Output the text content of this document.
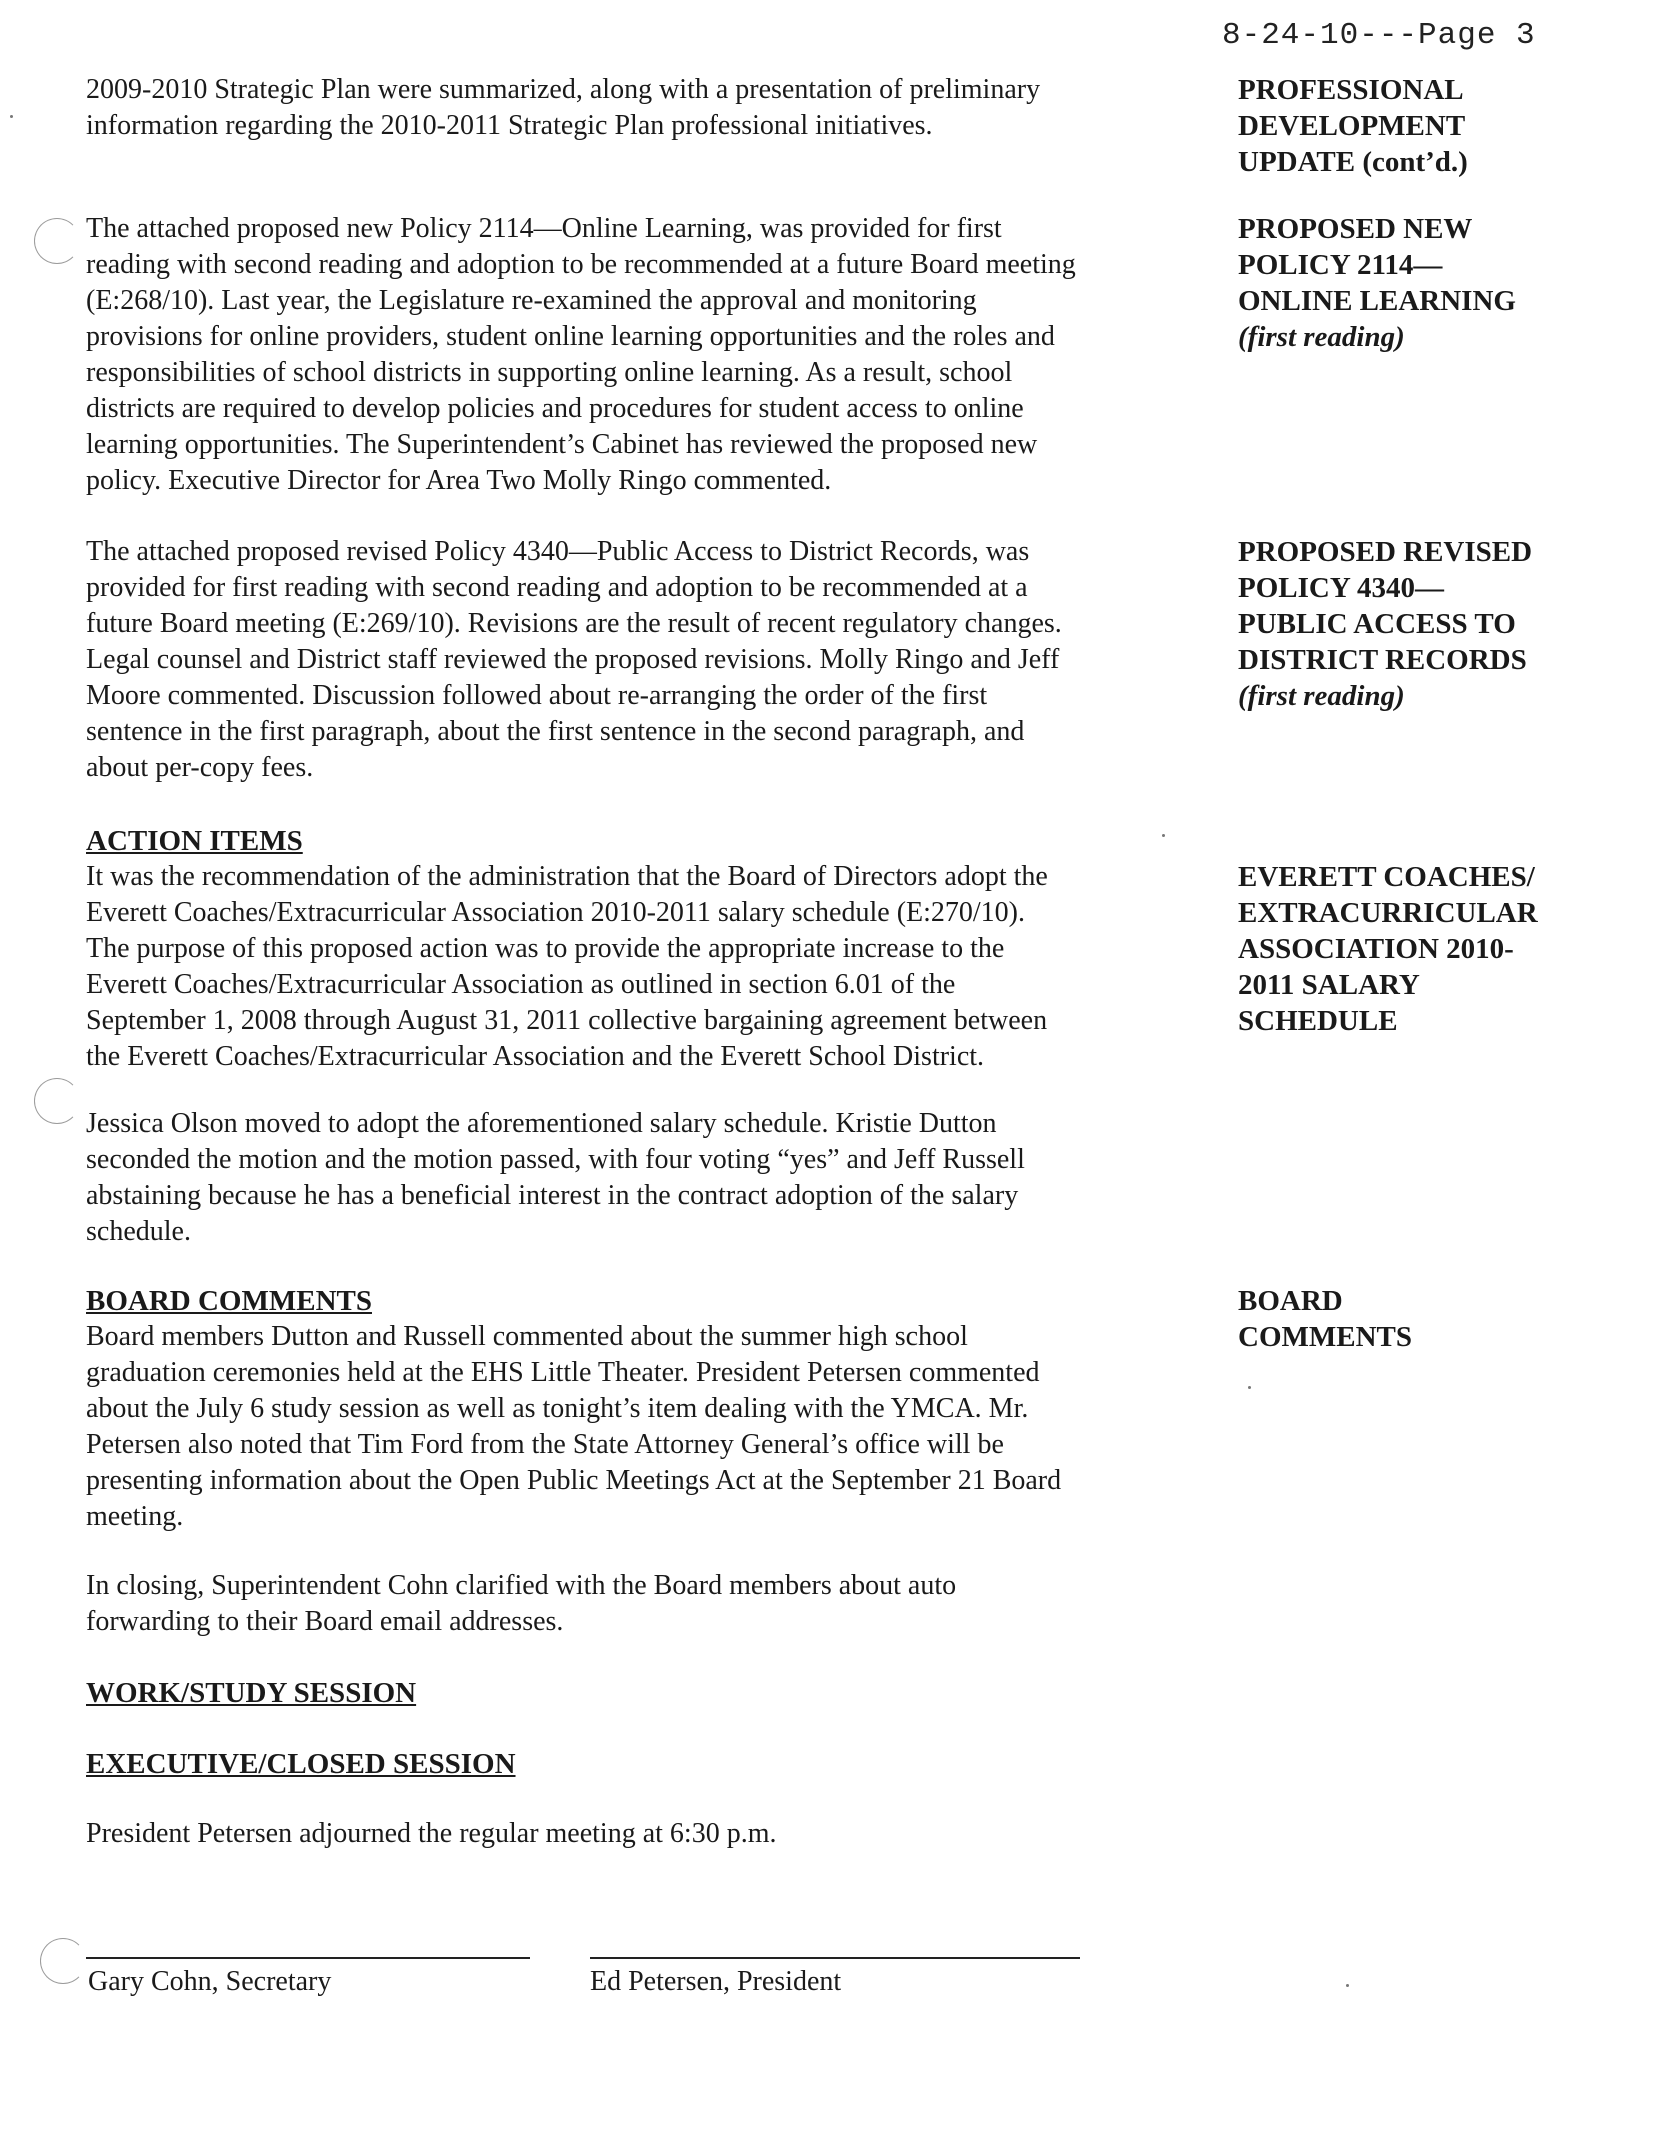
8-24-10---Page 3
2009-2010 Strategic Plan were summarized, along with a presentation of preliminary
information regarding the 2010-2011 Strategic Plan professional initiatives.
The attached proposed new Policy 2114—Online Learning, was provided for first
reading with second reading and adoption to be recommended at a future Board meeting
(E:268/10). Last year, the Legislature re-examined the approval and monitoring
provisions for online providers, student online learning opportunities and the roles and
responsibilities of school districts in supporting online learning. As a result, school
districts are required to develop policies and procedures for student access to online
learning opportunities. The Superintendent’s Cabinet has reviewed the proposed new
policy. Executive Director for Area Two Molly Ringo commented.
The attached proposed revised Policy 4340—Public Access to District Records, was
provided for first reading with second reading and adoption to be recommended at a
future Board meeting (E:269/10). Revisions are the result of recent regulatory changes.
Legal counsel and District staff reviewed the proposed revisions. Molly Ringo and Jeff
Moore commented. Discussion followed about re-arranging the order of the first
sentence in the first paragraph, about the first sentence in the second paragraph, and
about per-copy fees.
ACTION ITEMS
It was the recommendation of the administration that the Board of Directors adopt the
Everett Coaches/Extracurricular Association 2010-2011 salary schedule (E:270/10).
The purpose of this proposed action was to provide the appropriate increase to the
Everett Coaches/Extracurricular Association as outlined in section 6.01 of the
September 1, 2008 through August 31, 2011 collective bargaining agreement between
the Everett Coaches/Extracurricular Association and the Everett School District.
Jessica Olson moved to adopt the aforementioned salary schedule. Kristie Dutton
seconded the motion and the motion passed, with four voting “yes” and Jeff Russell
abstaining because he has a beneficial interest in the contract adoption of the salary
schedule.
BOARD COMMENTS
Board members Dutton and Russell commented about the summer high school
graduation ceremonies held at the EHS Little Theater. President Petersen commented
about the July 6 study session as well as tonight’s item dealing with the YMCA. Mr.
Petersen also noted that Tim Ford from the State Attorney General’s office will be
presenting information about the Open Public Meetings Act at the September 21 Board
meeting.
In closing, Superintendent Cohn clarified with the Board members about auto
forwarding to their Board email addresses.
WORK/STUDY SESSION
EXECUTIVE/CLOSED SESSION
President Petersen adjourned the regular meeting at 6:30 p.m.
PROFESSIONAL
DEVELOPMENT
UPDATE (cont’d.)
PROPOSED NEW
POLICY 2114—
ONLINE LEARNING
(first reading)
PROPOSED REVISED
POLICY 4340—
PUBLIC ACCESS TO
DISTRICT RECORDS
(first reading)
EVERETT COACHES/
EXTRACURRICULAR
ASSOCIATION 2010-
2011 SALARY
SCHEDULE
BOARD
COMMENTS
Gary Cohn, Secretary	Ed Petersen, President
